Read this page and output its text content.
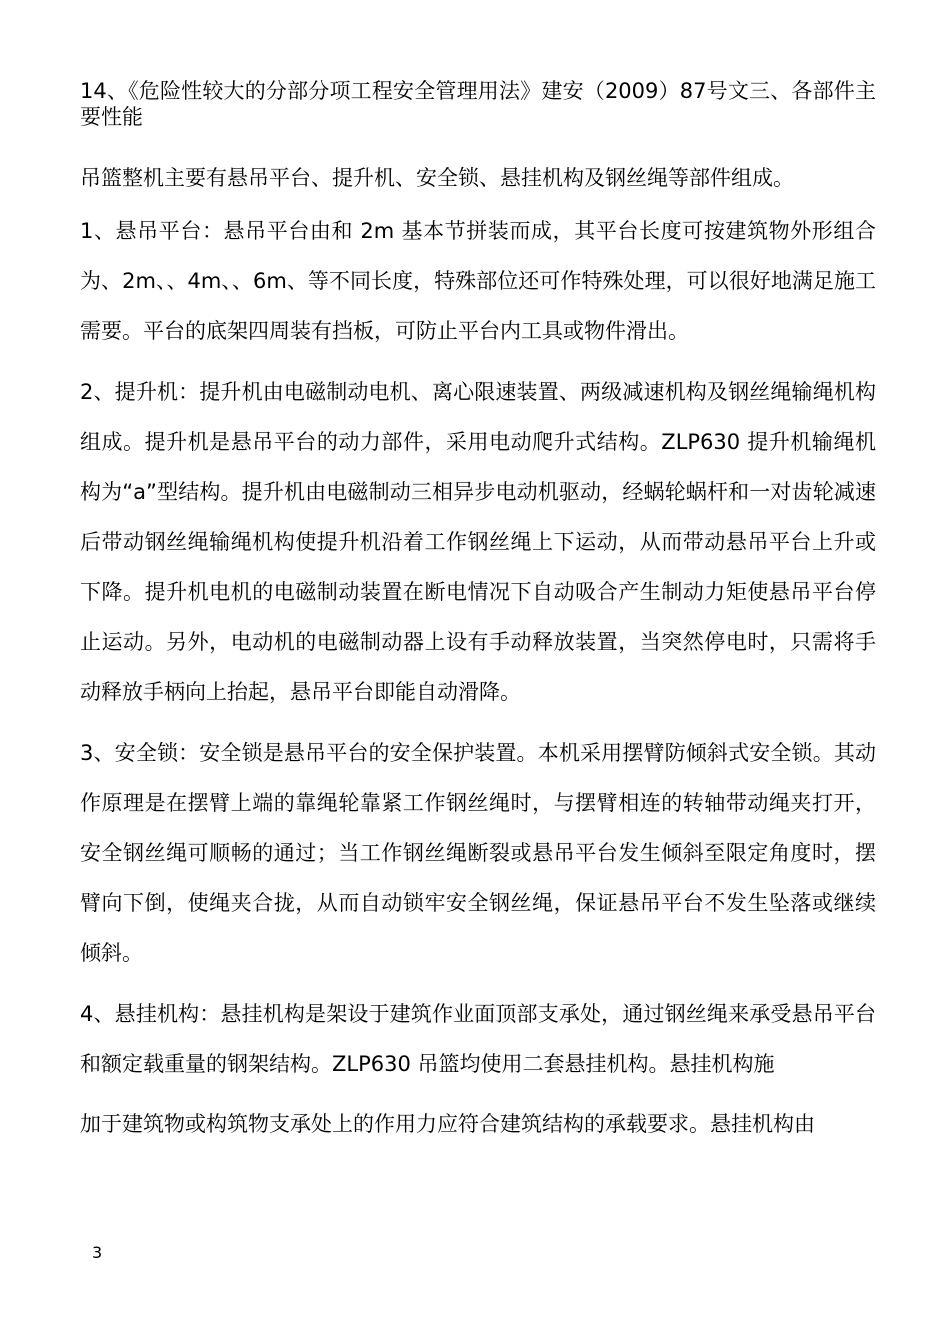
14、《危险性较大的分部分项工程安全管理用法》建安（2009）87号文三、各部件主要性能

吊篮整机主要有悬吊平台、提升机、安全锁、悬挂机构及钢丝绳等部件组成。

1、悬吊平台：悬吊平台由和 2m 基本节拼装而成，其平台长度可按建筑物外形组合为、2m、、4m、、6m、等不同长度，特殊部位还可作特殊处理，可以很好地满足施工需要。平台的底架四周装有挡板，可防止平台内工具或物件滑出。

2、提升机：提升机由电磁制动电机、离心限速装置、两级减速机构及钢丝绳输绳机构组成。提升机是悬吊平台的动力部件，采用电动爬升式结构。ZLP630 提升机输绳机构为“a”型结构。提升机由电磁制动三相异步电动机驱动，经蜗轮蜗杆和一对齿轮减速后带动钢丝绳输绳机构使提升机沿着工作钢丝绳上下运动，从而带动悬吊平台上升或下降。提升机电机的电磁制动装置在断电情况下自动吸合产生制动力矩使悬吊平台停止运动。另外，电动机的电磁制动器上设有手动释放装置，当突然停电时，只需将手动释放手柄向上抬起，悬吊平台即能自动滑降。

3、安全锁：安全锁是悬吊平台的安全保护装置。本机采用摆臂防倾斜式安全锁。其动作原理是在摆臂上端的靠绳轮靠紧工作钢丝绳时，与摆臂相连的转轴带动绳夹打开，安全钢丝绳可顺畅的通过；当工作钢丝绳断裂或悬吊平台发生倾斜至限定角度时，摆臂向下倒，使绳夹合拢，从而自动锁牢安全钢丝绳，保证悬吊平台不发生坠落或继续倾斜。

4、悬挂机构：悬挂机构是架设于建筑作业面顶部支承处，通过钢丝绳来承受悬吊平台和额定载重量的钢架结构。ZLP630 吊篮均使用二套悬挂机构。悬挂机构施

加于建筑物或构筑物支承处上的作用力应符合建筑结构的承载要求。悬挂机构由

3
